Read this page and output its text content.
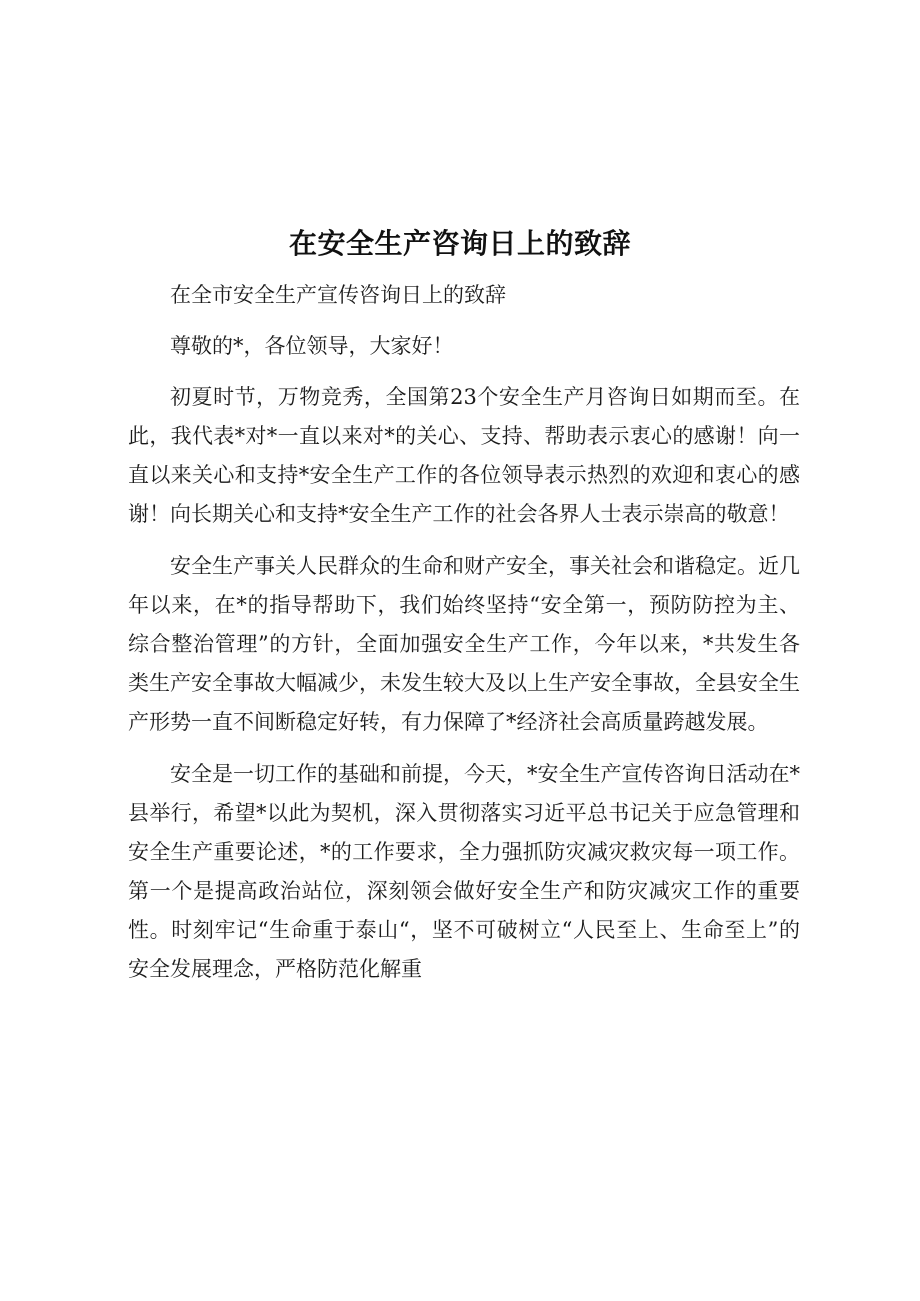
在安全生产咨询日上的致辞

在全市安全生产宣传咨询日上的致辞

尊敬的*，各位领导，大家好！

初夏时节，万物竞秀，全国第23个安全生产月咨询日如期而至。在此，我代表*对*一直以来对*的关心、支持、帮助表示衷心的感谢！向一直以来关心和支持*安全生产工作的各位领导表示热烈的欢迎和衷心的感谢！向长期关心和支持*安全生产工作的社会各界人士表示崇高的敬意！

安全生产事关人民群众的生命和财产安全，事关社会和谐稳定。近几年以来，在*的指导帮助下，我们始终坚持“安全第一，预防防控为主、综合整治管理”的方针，全面加强安全生产工作，今年以来，*共发生各类生产安全事故大幅减少，未发生较大及以上生产安全事故，全县安全生产形势一直不间断稳定好转，有力保障了*经济社会高质量跨越发展。

安全是一切工作的基础和前提，今天，*安全生产宣传咨询日活动在*县举行，希望*以此为契机，深入贯彻落实习近平总书记关于应急管理和安全生产重要论述，*的工作要求，全力强抓防灾减灾救灾每一项工作。第一个是提高政治站位，深刻领会做好安全生产和防灾减灾工作的重要性。时刻牢记“生命重于泰山“，坚不可破树立“人民至上、生命至上”的安全发展理念，严格防范化解重
